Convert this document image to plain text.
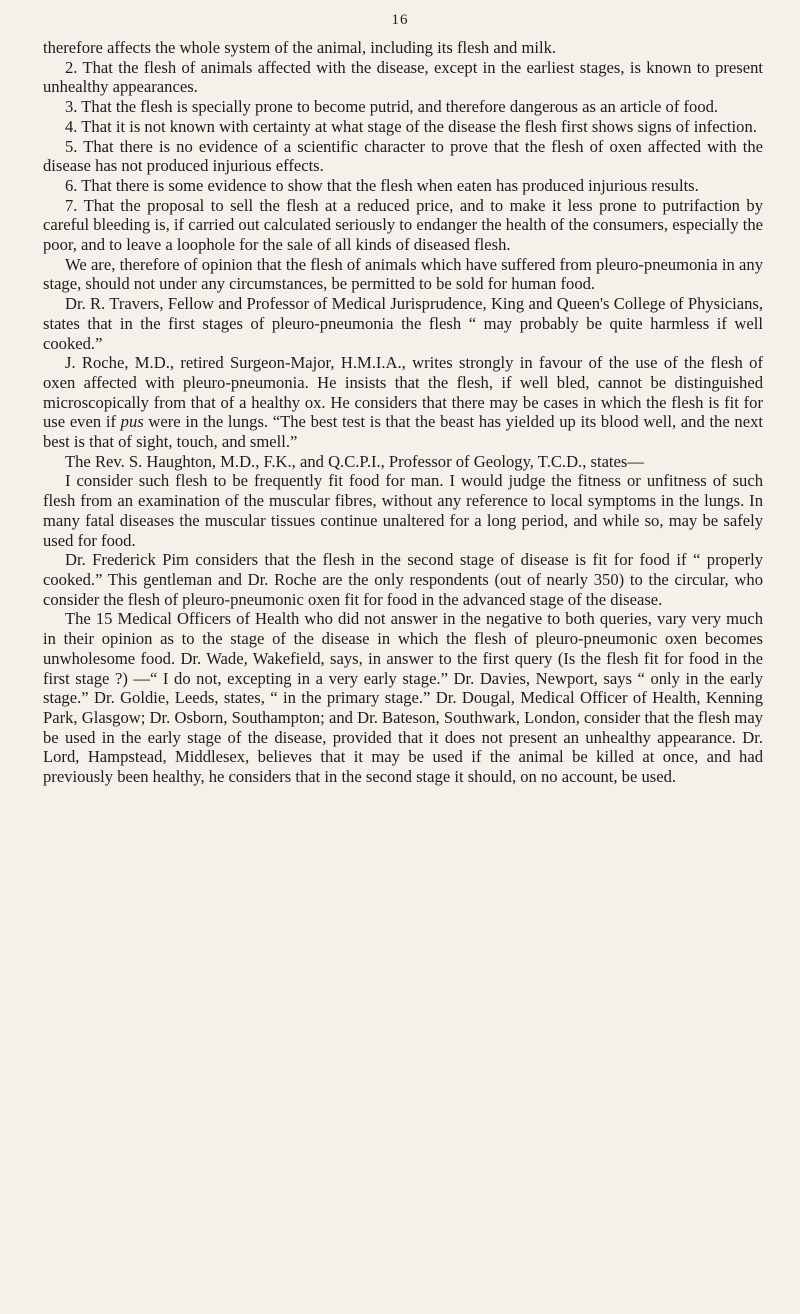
16

therefore affects the whole system of the animal, including its flesh and milk.

2. That the flesh of animals affected with the disease, except in the earliest stages, is known to present unhealthy appearances.

3. That the flesh is specially prone to become putrid, and therefore dangerous as an article of food.

4. That it is not known with certainty at what stage of the disease the flesh first shows signs of infection.

5. That there is no evidence of a scientific character to prove that the flesh of oxen affected with the disease has not produced injurious effects.

6. That there is some evidence to show that the flesh when eaten has produced injurious results.

7. That the proposal to sell the flesh at a reduced price, and to make it less prone to putrifaction by careful bleeding is, if carried out calculated seriously to endanger the health of the consumers, especially the poor, and to leave a loophole for the sale of all kinds of diseased flesh.

We are, therefore of opinion that the flesh of animals which have suffered from pleuro-pneumonia in any stage, should not under any circumstances, be permitted to be sold for human food.

Dr. R. Travers, Fellow and Professor of Medical Jurisprudence, King and Queen's College of Physicians, states that in the first stages of pleuro-pneumonia the flesh “ may probably be quite harmless if well cooked.”

J. Roche, M.D., retired Surgeon-Major, H.M.I.A., writes strongly in favour of the use of the flesh of oxen affected with pleuro-pneumonia. He insists that the flesh, if well bled, cannot be distinguished microscopically from that of a healthy ox. He considers that there may be cases in which the flesh is fit for use even if pus were in the lungs. “The best test is that the beast has yielded up its blood well, and the next best is that of sight, touch, and smell.”

The Rev. S. Haughton, M.D., F.K., and Q.C.P.I., Professor of Geology, T.C.D., states—

I consider such flesh to be frequently fit food for man. I would judge the fitness or unfitness of such flesh from an examination of the muscular fibres, without any reference to local symptoms in the lungs. In many fatal diseases the muscular tissues continue unaltered for a long period, and while so, may be safely used for food.

Dr. Frederick Pim considers that the flesh in the second stage of disease is fit for food if “ properly cooked.” This gentleman and Dr. Roche are the only respondents (out of nearly 350) to the circular, who consider the flesh of pleuro-pneumonic oxen fit for food in the advanced stage of the disease.

The 15 Medical Officers of Health who did not answer in the negative to both queries, vary very much in their opinion as to the stage of the disease in which the flesh of pleuro-pneumonic oxen becomes unwholesome food. Dr. Wade, Wakefield, says, in answer to the first query (Is the flesh fit for food in the first stage ?) —“ I do not, excepting in a very early stage.” Dr. Davies, Newport, says “ only in the early stage.” Dr. Goldie, Leeds, states, “ in the primary stage.” Dr. Dougal, Medical Officer of Health, Kenning Park, Glasgow; Dr. Osborn, Southampton; and Dr. Bateson, Southwark, London, consider that the flesh may be used in the early stage of the disease, provided that it does not present an unhealthy appearance. Dr. Lord, Hampstead, Middlesex, believes that it may be used if the animal be killed at once, and had previously been healthy, he considers that in the second stage it should, on no account, be used.
